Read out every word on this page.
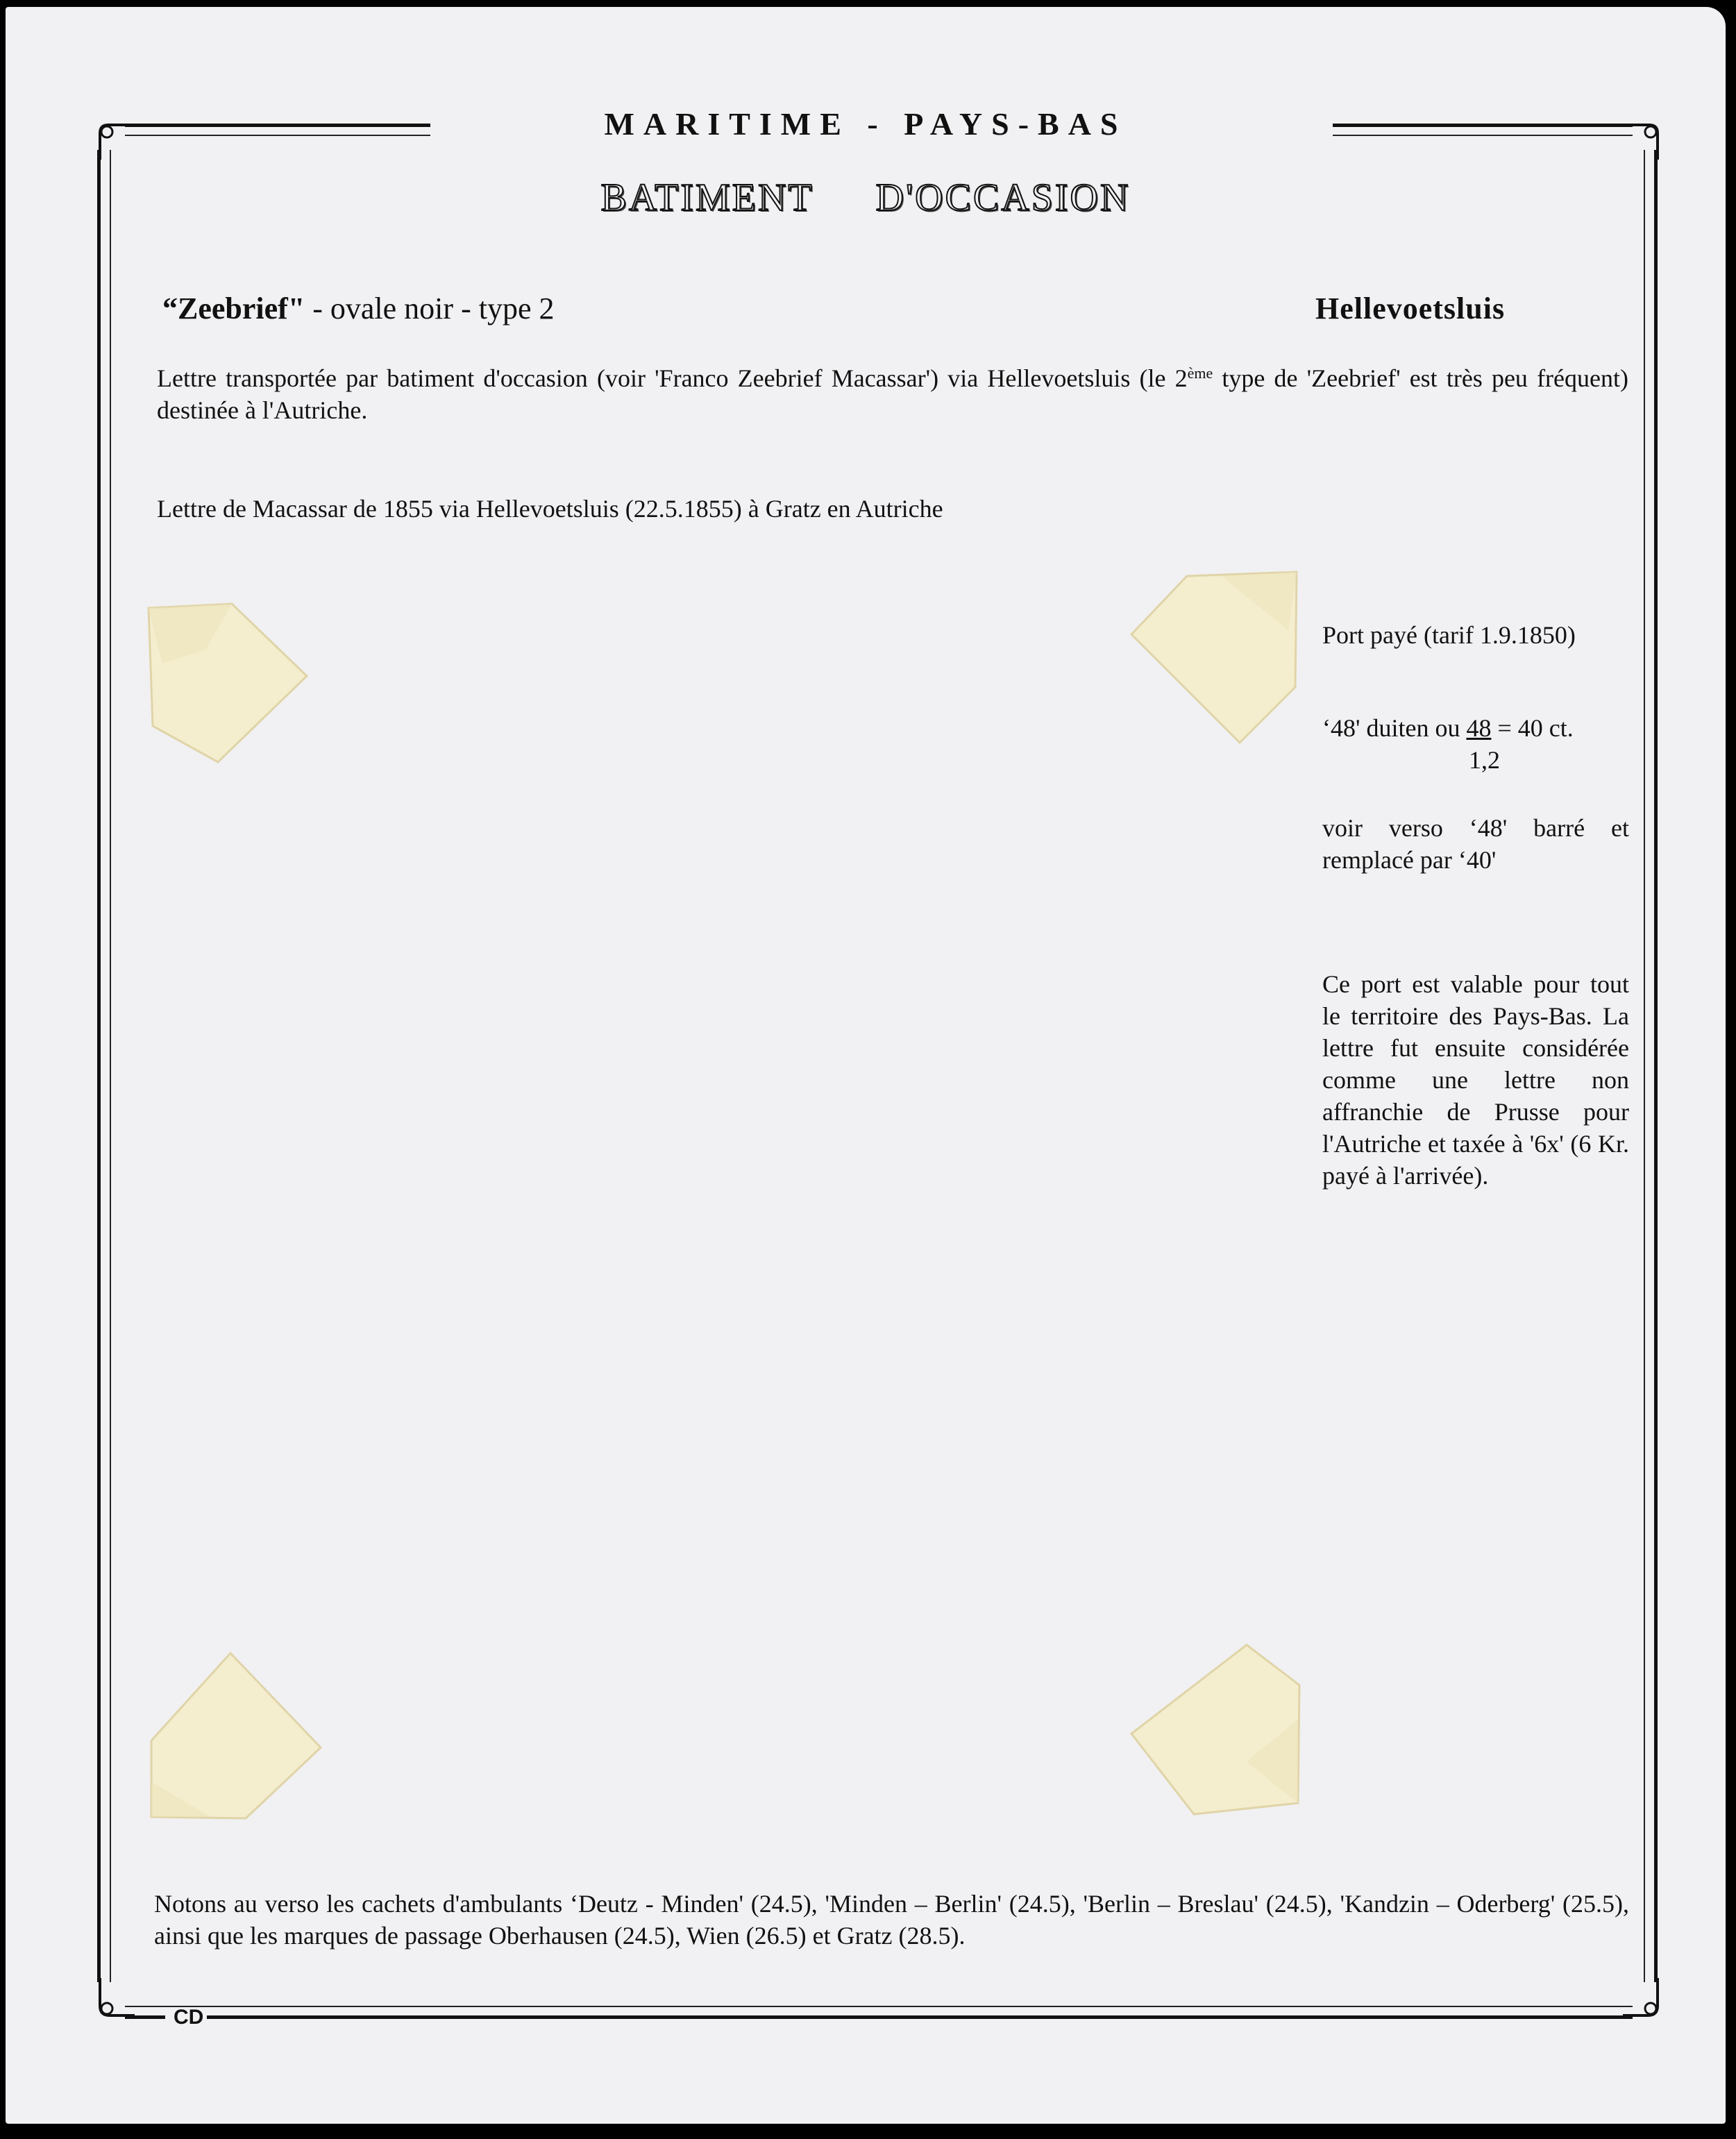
MARITIME - PAYS-BAS
BATIMENT D'OCCASION
“Zeebrief" - ovale noir - type 2	Hellevoetsluis
Lettre transportée par batiment d'occasion (voir 'Franco Zeebrief Macassar') via Hellevoetsluis (le 2ème type de 'Zeebrief' est très peu fréquent) destinée à l'Autriche.
Lettre de Macassar de 1855 via Hellevoetsluis (22.5.1855) à Gratz en Autriche
Port payé (tarif 1.9.1850)
‘48' duiten ou 48 = 40 ct.
1,2
voir verso ‘48' barré et remplacé par ‘40'
Ce port est valable pour tout le territoire des Pays-Bas. La lettre fut ensuite considérée comme une lettre non affranchie de Prusse pour l'Autriche et taxée à '6x' (6 Kr. payé à l'arrivée).
Notons au verso les cachets d'ambulants ‘Deutz - Minden' (24.5), 'Minden – Berlin' (24.5), 'Berlin – Breslau' (24.5), 'Kandzin – Oderberg' (25.5), ainsi que les marques de passage Oberhausen (24.5), Wien (26.5) et Gratz (28.5).
CD
